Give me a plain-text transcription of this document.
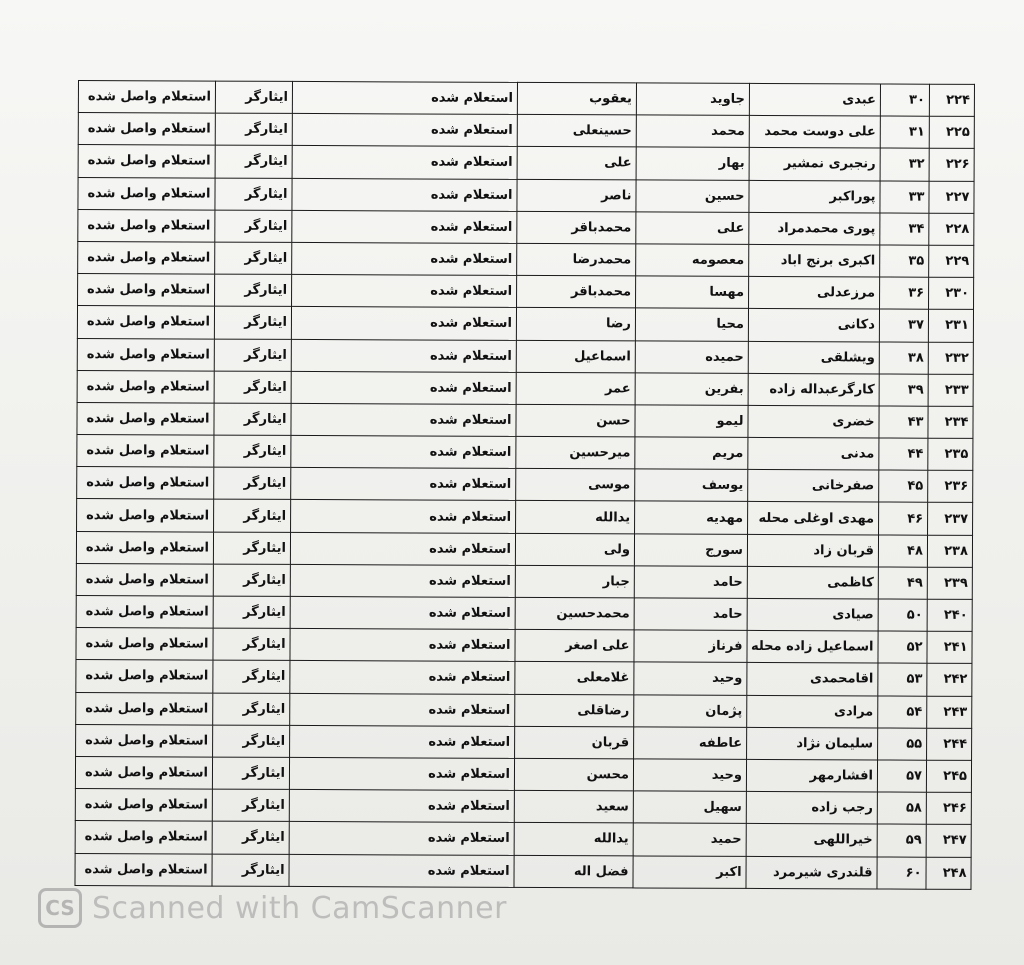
۲۲۴	۳۰	عبدی	جاوید	یعقوب	استعلام شده	ایثارگر	استعلام واصل شده
۲۲۵	۳۱	علی دوست محمد	محمد	حسینعلی	استعلام شده	ایثارگر	استعلام واصل شده
۲۲۶	۳۲	رنجبری نمشیر	بهار	علی	استعلام شده	ایثارگر	استعلام واصل شده
۲۲۷	۳۳	پوراکبر	حسین	ناصر	استعلام شده	ایثارگر	استعلام واصل شده
۲۲۸	۳۴	پوری محمدمراد	علی	محمدباقر	استعلام شده	ایثارگر	استعلام واصل شده
۲۲۹	۳۵	اکبری برنج اباد	معصومه	محمدرضا	استعلام شده	ایثارگر	استعلام واصل شده
۲۳۰	۳۶	مرزعدلی	مهسا	محمدباقر	استعلام شده	ایثارگر	استعلام واصل شده
۲۳۱	۳۷	دکانی	محیا	رضا	استعلام شده	ایثارگر	استعلام واصل شده
۲۳۲	۳۸	ویشلقی	حمیده	اسماعیل	استعلام شده	ایثارگر	استعلام واصل شده
۲۳۳	۳۹	کارگرعبداله زاده	بفرین	عمر	استعلام شده	ایثارگر	استعلام واصل شده
۲۳۴	۴۳	خضری	لیمو	حسن	استعلام شده	ایثارگر	استعلام واصل شده
۲۳۵	۴۴	مدنی	مریم	میرحسین	استعلام شده	ایثارگر	استعلام واصل شده
۲۳۶	۴۵	صفرخانی	یوسف	موسی	استعلام شده	ایثارگر	استعلام واصل شده
۲۳۷	۴۶	مهدی اوغلی محله	مهدیه	یدالله	استعلام شده	ایثارگر	استعلام واصل شده
۲۳۸	۴۸	قربان زاد	سورج	ولی	استعلام شده	ایثارگر	استعلام واصل شده
۲۳۹	۴۹	کاظمی	حامد	جبار	استعلام شده	ایثارگر	استعلام واصل شده
۲۴۰	۵۰	صیادی	حامد	محمدحسین	استعلام شده	ایثارگر	استعلام واصل شده
۲۴۱	۵۲	اسماعیل زاده محله	فرناز	علی اصغر	استعلام شده	ایثارگر	استعلام واصل شده
۲۴۲	۵۳	اقامحمدی	وحید	غلامعلی	استعلام شده	ایثارگر	استعلام واصل شده
۲۴۳	۵۴	مرادی	پژمان	رضاقلی	استعلام شده	ایثارگر	استعلام واصل شده
۲۴۴	۵۵	سلیمان نژاد	عاطفه	قربان	استعلام شده	ایثارگر	استعلام واصل شده
۲۴۵	۵۷	افشارمهر	وحید	محسن	استعلام شده	ایثارگر	استعلام واصل شده
۲۴۶	۵۸	رجب زاده	سهیل	سعید	استعلام شده	ایثارگر	استعلام واصل شده
۲۴۷	۵۹	خیراللهی	حمید	یدالله	استعلام شده	ایثارگر	استعلام واصل شده
۲۴۸	۶۰	قلندری شیرمرد	اکبر	فضل اله	استعلام شده	ایثارگر	استعلام واصل شده
CS Scanned with CamScanner
